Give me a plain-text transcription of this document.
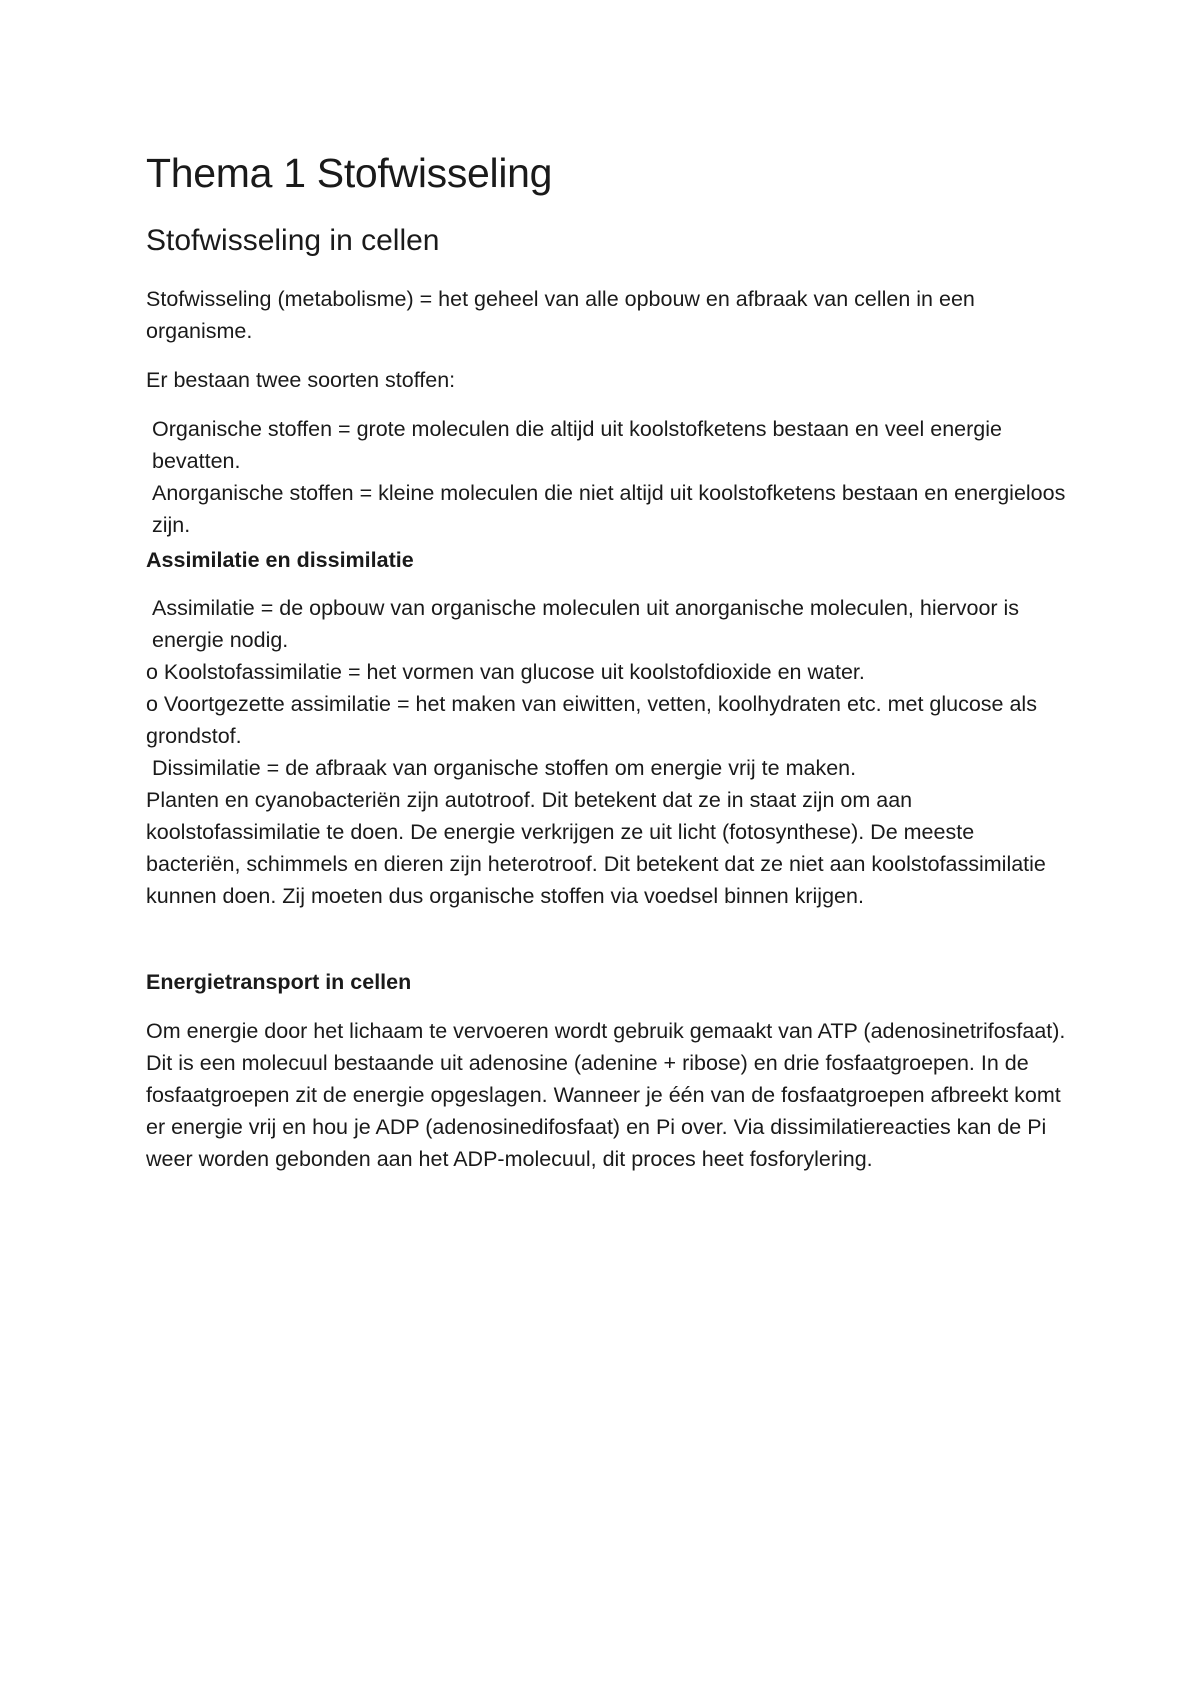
Thema 1 Stofwisseling
Stofwisseling in cellen

Stofwisseling (metabolisme) = het geheel van alle opbouw en afbraak van cellen in een organisme.

Er bestaan twee soorten stoffen:

Organische stoffen = grote moleculen die altijd uit koolstofketens bestaan en veel energie bevatten.

Anorganische stoffen = kleine moleculen die niet altijd uit koolstofketens bestaan en energieloos zijn.

Assimilatie en dissimilatie

Assimilatie = de opbouw van organische moleculen uit anorganische moleculen, hiervoor is energie nodig.

o Koolstofassimilatie = het vormen van glucose uit koolstofdioxide en water.

o Voortgezette assimilatie = het maken van eiwitten, vetten, koolhydraten etc. met glucose als grondstof.

Dissimilatie = de afbraak van organische stoffen om energie vrij te maken.

Planten en cyanobacteriën zijn autotroof. Dit betekent dat ze in staat zijn om aan koolstofassimilatie te doen. De energie verkrijgen ze uit licht (fotosynthese). De meeste bacteriën, schimmels en dieren zijn heterotroof. Dit betekent dat ze niet aan koolstofassimilatie kunnen doen. Zij moeten dus organische stoffen via voedsel binnen krijgen.

Energietransport in cellen

Om energie door het lichaam te vervoeren wordt gebruik gemaakt van ATP (adenosinetrifosfaat). Dit is een molecuul bestaande uit adenosine (adenine + ribose) en drie fosfaatgroepen. In de fosfaatgroepen zit de energie opgeslagen. Wanneer je één van de fosfaatgroepen afbreekt komt er energie vrij en hou je ADP (adenosinedifosfaat) en Pi over. Via dissimilatiereacties kan de Pi weer worden gebonden aan het ADP-molecuul, dit proces heet fosforylering.
